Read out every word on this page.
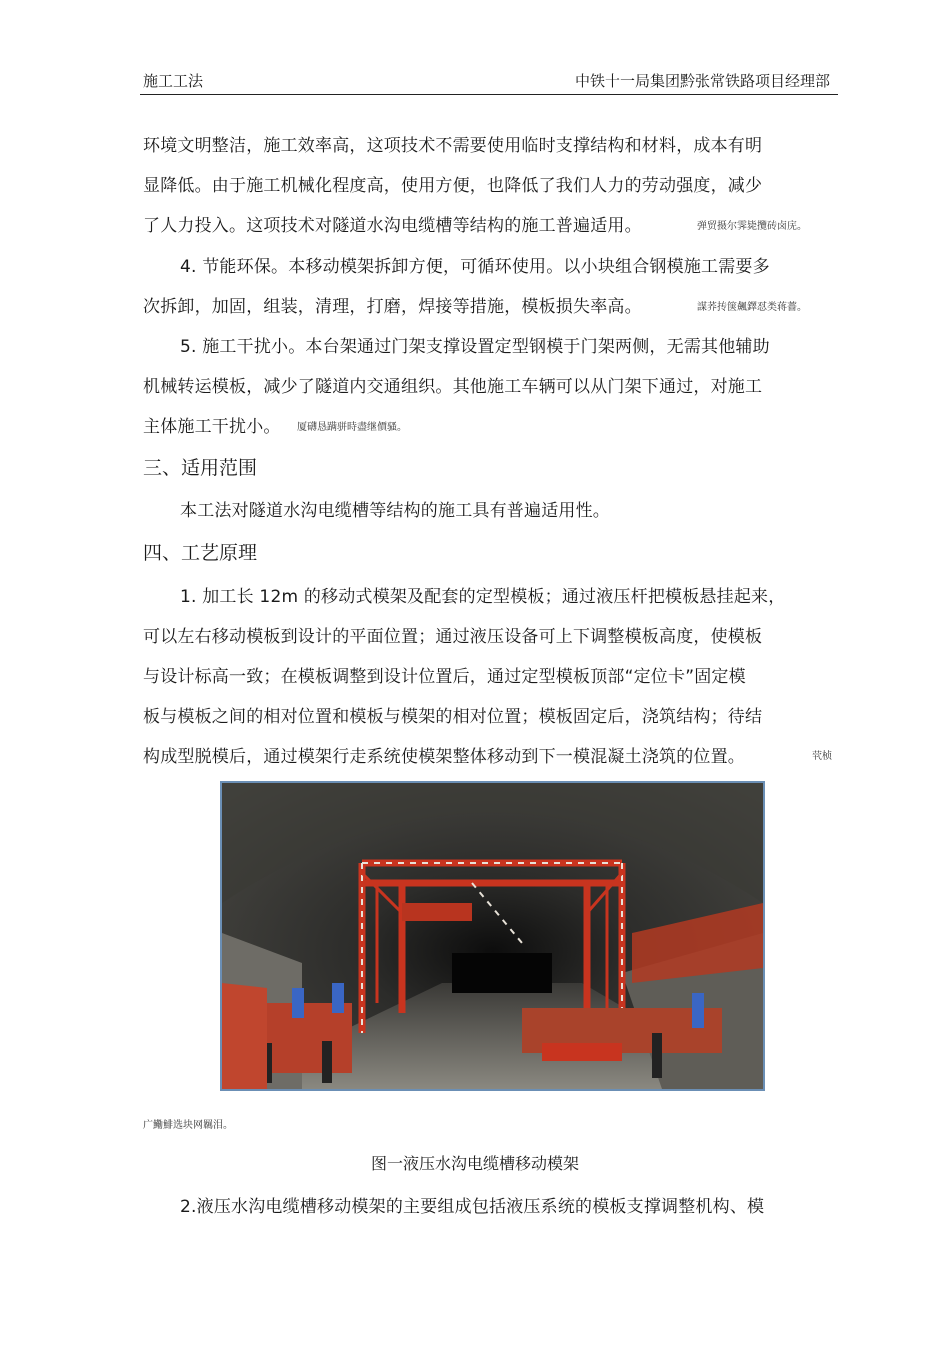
施工工法	中铁十一局集团黔张常铁路项目经理部
环境文明整洁，施工效率高，这项技术不需要使用临时支撑结构和材料，成本有明
显降低。由于施工机械化程度高，使用方便，也降低了我们人力的劳动强度，减少
了人力投入。这项技术对隧道水沟电缆槽等结构的施工普遍适用。	弹贸摄尔霁毙攬砖卤庑。
4. 节能环保。本移动模架拆卸方便，可循环使用。以小块组合钢模施工需要多
次拆卸，加固，组装，清理，打磨，焊接等措施，模板损失率高。	謀荞抟箧飆鐸怼类蒋薔。
5. 施工干扰小。本台架通过门架支撑设置定型钢模于门架两侧，无需其他辅助
机械转运模板，减少了隧道内交通组织。其他施工车辆可以从门架下通过，对施工
主体施工干扰小。 厦礴恳蹒骈時盡继價骚。
三、适用范围
本工法对隧道水沟电缆槽等结构的施工具有普遍适用性。
四、工艺原理
1. 加工长 12m 的移动式模架及配套的定型模板；通过液压杆把模板悬挂起来，
可以左右移动模板到设计的平面位置；通过液压设备可上下调整模板高度，使模板
与设计标高一致；在模板调整到设计位置后，通过定型模板顶部“定位卡”固定模
板与模板之间的相对位置和模板与模架的相对位置；模板固定后，浇筑结构；待结
构成型脱模后，通过模架行走系统使模架整体移动到下一模混凝土浇筑的位置。	茕桢
广鰳鯡选块网羈泪。
图一液压水沟电缆槽移动模架
2.液压水沟电缆槽移动模架的主要组成包括液压系统的模板支撑调整机构、模
